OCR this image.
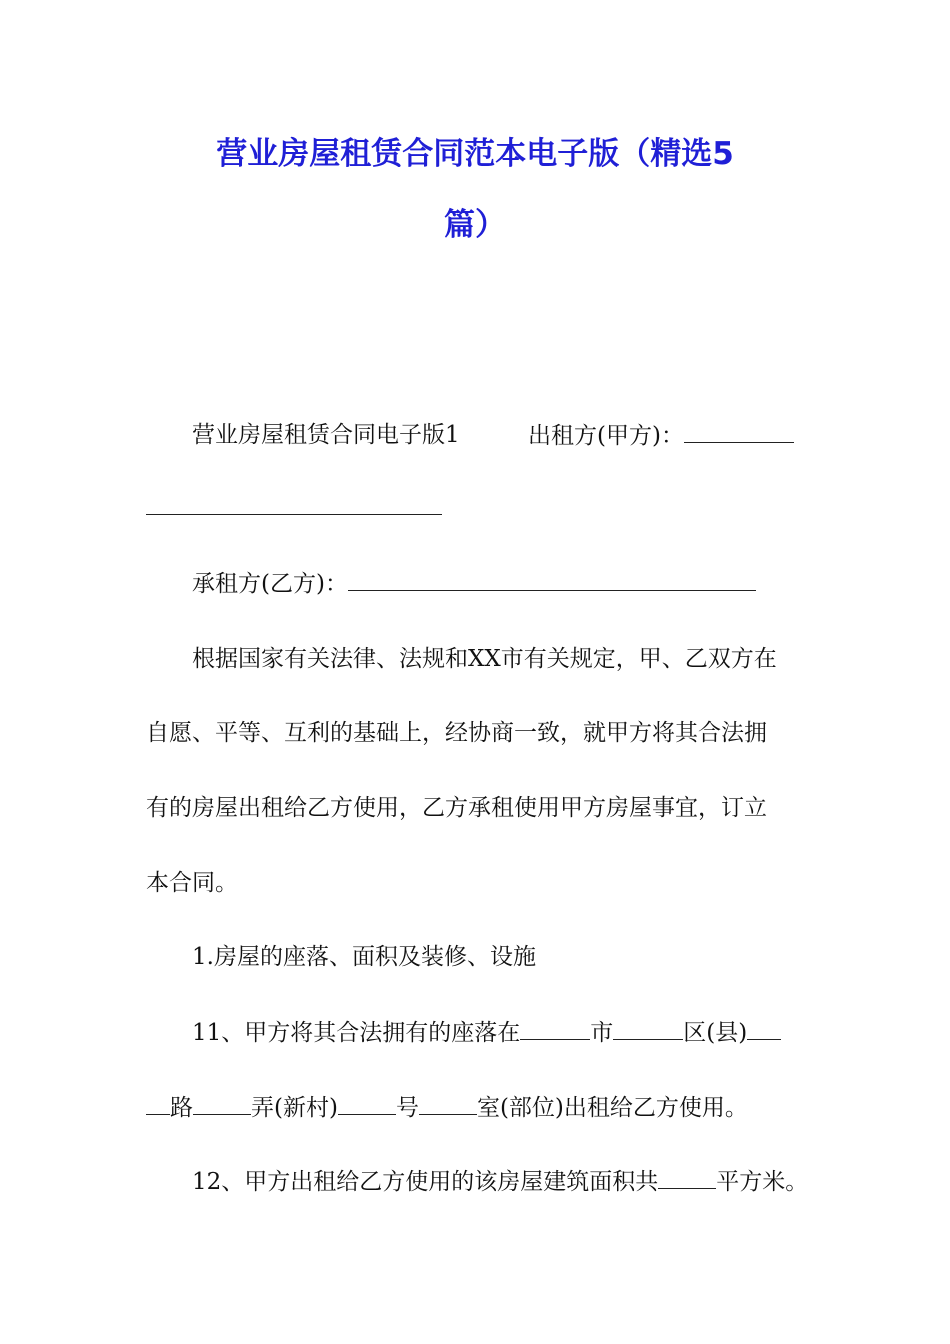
营业房屋租赁合同范本电子版（精选5
篇）
营业房屋租赁合同电子版1	出租方(甲方)：
承租方(乙方)：
根据国家有关法律、法规和XX市有关规定，甲、乙双方在
自愿、平等、互利的基础上，经协商一致，就甲方将其合法拥
有的房屋出租给乙方使用，乙方承租使用甲方房屋事宜，订立
本合同。
1.房屋的座落、面积及装修、设施
11、甲方将其合法拥有的座落在	市	区(县)
路	弄(新村)	号	室(部位)出租给乙方使用。
12、甲方出租给乙方使用的该房屋建筑面积共	平方米。
